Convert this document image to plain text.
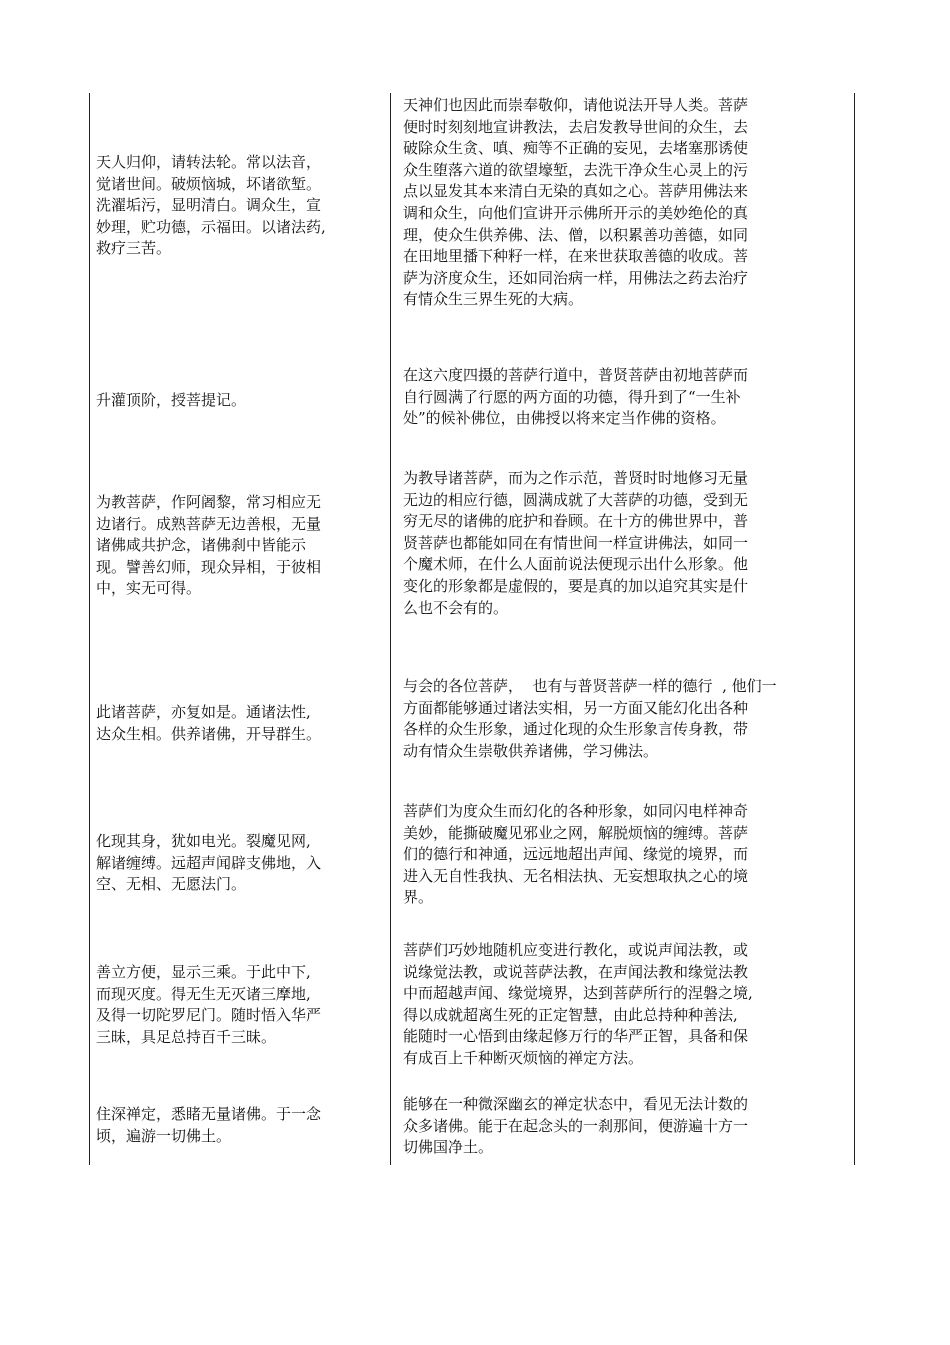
天人归仰，请转法轮。常以法音，

觉诸世间。破烦恼城，坏诸欲堑。

洗濯垢污，显明清白。调众生，宣

妙理，贮功德，示福田。以诸法药,

救疗三苦。

天神们也因此而崇奉敬仰，请他说法开导人类。菩萨

便时时刻刻地宣讲教法，去启发教导世间的众生，去

破除众生贪、嗔、痴等不正确的妄见，去堵塞那诱使

众生堕落六道的欲望壕堑，去洗干净众生心灵上的污

点以显发其本来清白无染的真如之心。菩萨用佛法来

调和众生，向他们宣讲开示佛所开示的美妙绝伦的真

理，使众生供养佛、法、僧，以积累善功善德，如同

在田地里播下种籽一样，在来世获取善德的收成。菩

萨为济度众生，还如同治病一样，用佛法之药去治疗

有情众生三界生死的大病。

升灌顶阶，授菩提记。

在这六度四摄的菩萨行道中，普贤菩萨由初地菩萨而

自行圆满了行愿的两方面的功德，得升到了“一生补

处”的候补佛位，由佛授以将来定当作佛的资格。

为教菩萨，作阿阇黎，常习相应无

边诸行。成熟菩萨无边善根，无量

诸佛咸共护念，诸佛刹中皆能示

现。譬善幻师，现众异相，于彼相

中，实无可得。

为教导诸菩萨，而为之作示范，普贤时时地修习无量

无边的相应行德，圆满成就了大菩萨的功德，受到无

穷无尽的诸佛的庇护和眷顾。在十方的佛世界中，普

贤菩萨也都能如同在有情世间一样宣讲佛法，如同一

个魔术师，在什么人面前说法便现示出什么形象。他

变化的形象都是虚假的，要是真的加以追究其实是什

么也不会有的。

此诸菩萨，亦复如是。通诸法性,

达众生相。供养诸佛，开导群生。

与会的各位菩萨，  也有与普贤菩萨一样的德行  , 他们一

方面都能够通过诸法实相，另一方面又能幻化出各种

各样的众生形象，通过化现的众生形象言传身教，带

动有情众生崇敬供养诸佛，学习佛法。

化现其身，犹如电光。裂魔见网,

解诸缠缚。远超声闻辟支佛地，入

空、无相、无愿法门。

菩萨们为度众生而幻化的各种形象，如同闪电样神奇

美妙，能撕破魔见邪业之网，解脱烦恼的缠缚。菩萨

们的德行和神通，远远地超出声闻、缘觉的境界，而

进入无自性我执、无名相法执、无妄想取执之心的境

界。

善立方便，显示三乘。于此中下,

而现灭度。得无生无灭诸三摩地,

及得一切陀罗尼门。随时悟入华严

三昧，具足总持百千三昧。

菩萨们巧妙地随机应变进行教化，或说声闻法教，或

说缘觉法教，或说菩萨法教，在声闻法教和缘觉法教

中而超越声闻、缘觉境界，达到菩萨所行的涅磐之境,

得以成就超离生死的正定智慧，由此总持种种善法,

能随时一心悟到由缘起修万行的华严正智，具备和保

有成百上千种断灭烦恼的禅定方法。

住深禅定，悉睹无量诸佛。于一念

顷，遍游一切佛土。

能够在一种微深幽玄的禅定状态中，看见无法计数的

众多诸佛。能于在起念头的一刹那间，便游遍十方一

切佛国净土。
